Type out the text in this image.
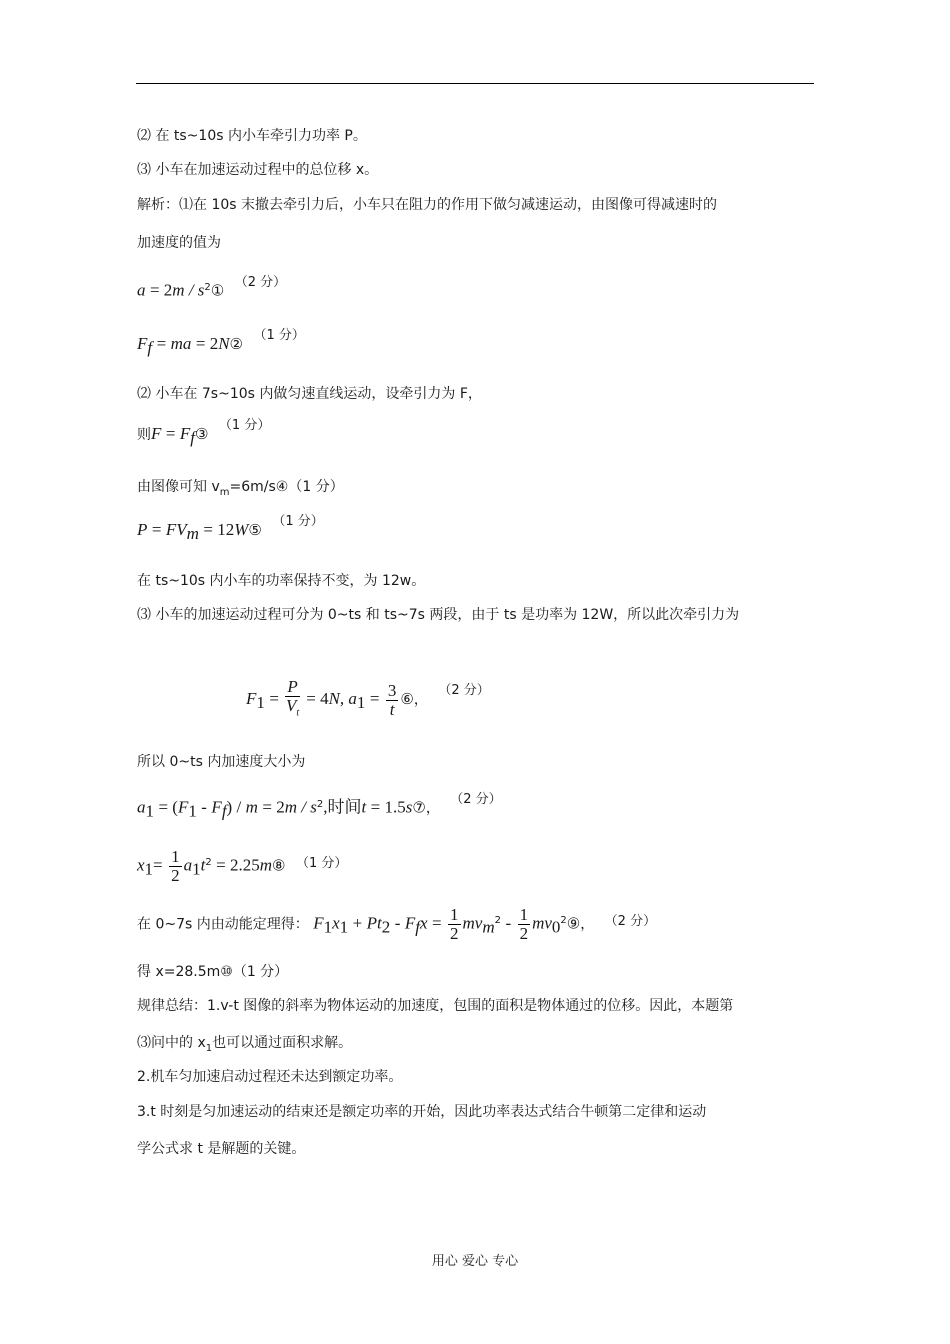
⑵ 在 ts~10s 内小车牵引力功率 P。
⑶ 小车在加速运动过程中的总位移 x。
解析：⑴在 10s 末撤去牵引力后，小车只在阻力的作用下做匀减速运动，由图像可得减速时的
加速度的值为
$a = 2m / s^2①$ （2 分）
$F_f$ = ma = 2N② （1 分）
⑵ 小车在 7s~10s 内做匀速直线运动，设牵引力为 F，
则$F = F_f③$ （1 分）
由图像可知 $v_m=6m/s④(1$ 分）
$P = FV_m$ = 12W⑤ （1 分）
在 ts~10s 内小车的功率保持不变，为 12w。
⑶ 小车的加速运动过程可分为 0~ts 和 ts~7s 两段，由于 ts 是功率为 12W，所以此次牵引力为
$F_1 = \frac{P}{V_t} = 4N$, $a_1 = \frac{3}{t}$ ⑥， （2 分）
所以 0~ts 内加速度大小为
$a_1 = (F_1 - F_f) / m = 2m / s^2$,时间t = 1.5s⑦， （2 分）
$x_1= \frac{1}{2} a_1t^2$ = 2.25m⑧ （1 分）
在 0~7s 内由动能定理得： $F_1x_1 + Pt_2 - F_fx = \frac{1}{2} mv_m^2 - \frac{1}{2}$ $mv_0^2⑨$， （2 分）
得 x=28.5m⑩（1 分）
规律总结：1.v-t 图像的斜率为物体运动的加速度，包围的面积是物体通过的位移。因此，本题第
⑶问中的 $x_1$也可以通过面积求解。
2.机车匀加速启动过程还未达到额定功率。
3.t 时刻是匀加速运动的结束还是额定功率的开始，因此功率表达式结合牛顿第二定律和运动
学公式求 t 是解题的关键。
用心 爱心 专心
